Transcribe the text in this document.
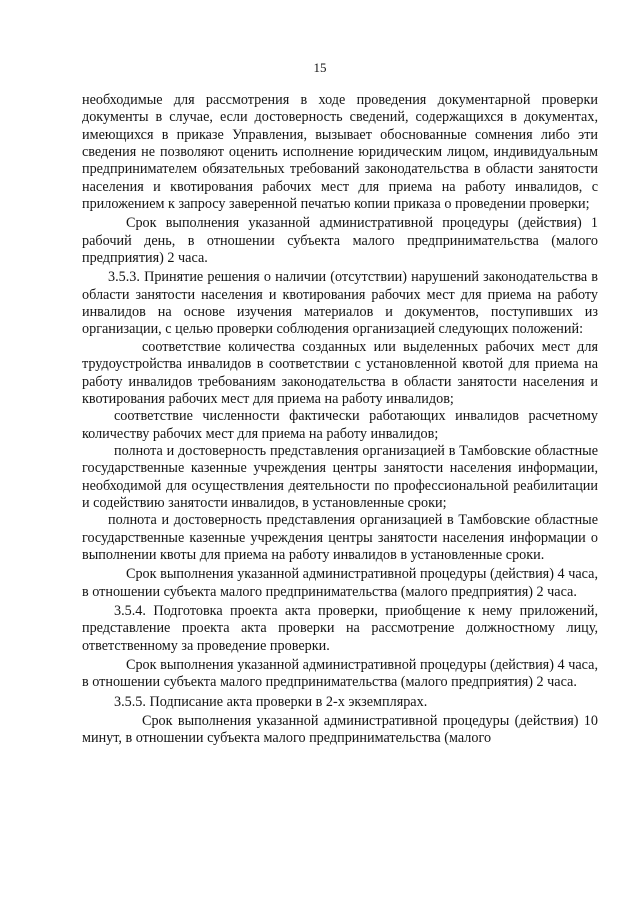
15

необходимые для рассмотрения в ходе проведения документарной проверки документы в случае, если достоверность сведений, содержащихся в документах, имеющихся в приказе Управления, вызывает обоснованные сомнения либо эти сведения не позволяют оценить исполнение юридическим лицом, индивидуальным предпринимателем обязательных требований законодательства в области занятости населения и квотирования рабочих мест для приема на работу инвалидов, с приложением к запросу заверенной печатью копии приказа о проведении проверки;

Срок выполнения указанной административной процедуры (действия) 1 рабочий день, в отношении субъекта малого предпринимательства (малого предприятия) 2 часа.

3.5.3. Принятие решения о наличии (отсутствии) нарушений законодательства в области занятости населения и квотирования рабочих мест для приема на работу инвалидов на основе изучения материалов и документов, поступивших из организации, с целью проверки соблюдения организацией следующих положений:

соответствие количества созданных или выделенных рабочих мест для трудоустройства инвалидов в соответствии с установленной квотой для приема на работу инвалидов требованиям законодательства в области занятости населения и квотирования рабочих мест для приема на работу инвалидов;

соответствие численности фактически работающих инвалидов расчетному количеству рабочих мест для приема на работу инвалидов;

полнота и достоверность представления организацией в Тамбовские областные государственные казенные учреждения центры занятости населения информации, необходимой для осуществления деятельности по профессиональной реабилитации и содействию занятости инвалидов, в установленные сроки;

полнота и достоверность представления организацией в Тамбовские областные государственные казенные учреждения центры занятости населения информации о выполнении квоты для приема на работу инвалидов в установленные сроки.

Срок выполнения указанной административной процедуры (действия) 4 часа, в отношении субъекта малого предпринимательства (малого предприятия) 2 часа.

3.5.4. Подготовка проекта акта проверки, приобщение к нему приложений, представление проекта акта проверки на рассмотрение должностному лицу, ответственному за проведение проверки.

Срок выполнения указанной административной процедуры (действия) 4 часа, в отношении субъекта малого предпринимательства (малого предприятия) 2 часа.

3.5.5. Подписание акта проверки в 2-х экземплярах.

Срок выполнения указанной административной процедуры (действия) 10 минут, в отношении субъекта малого предпринимательства (малого
